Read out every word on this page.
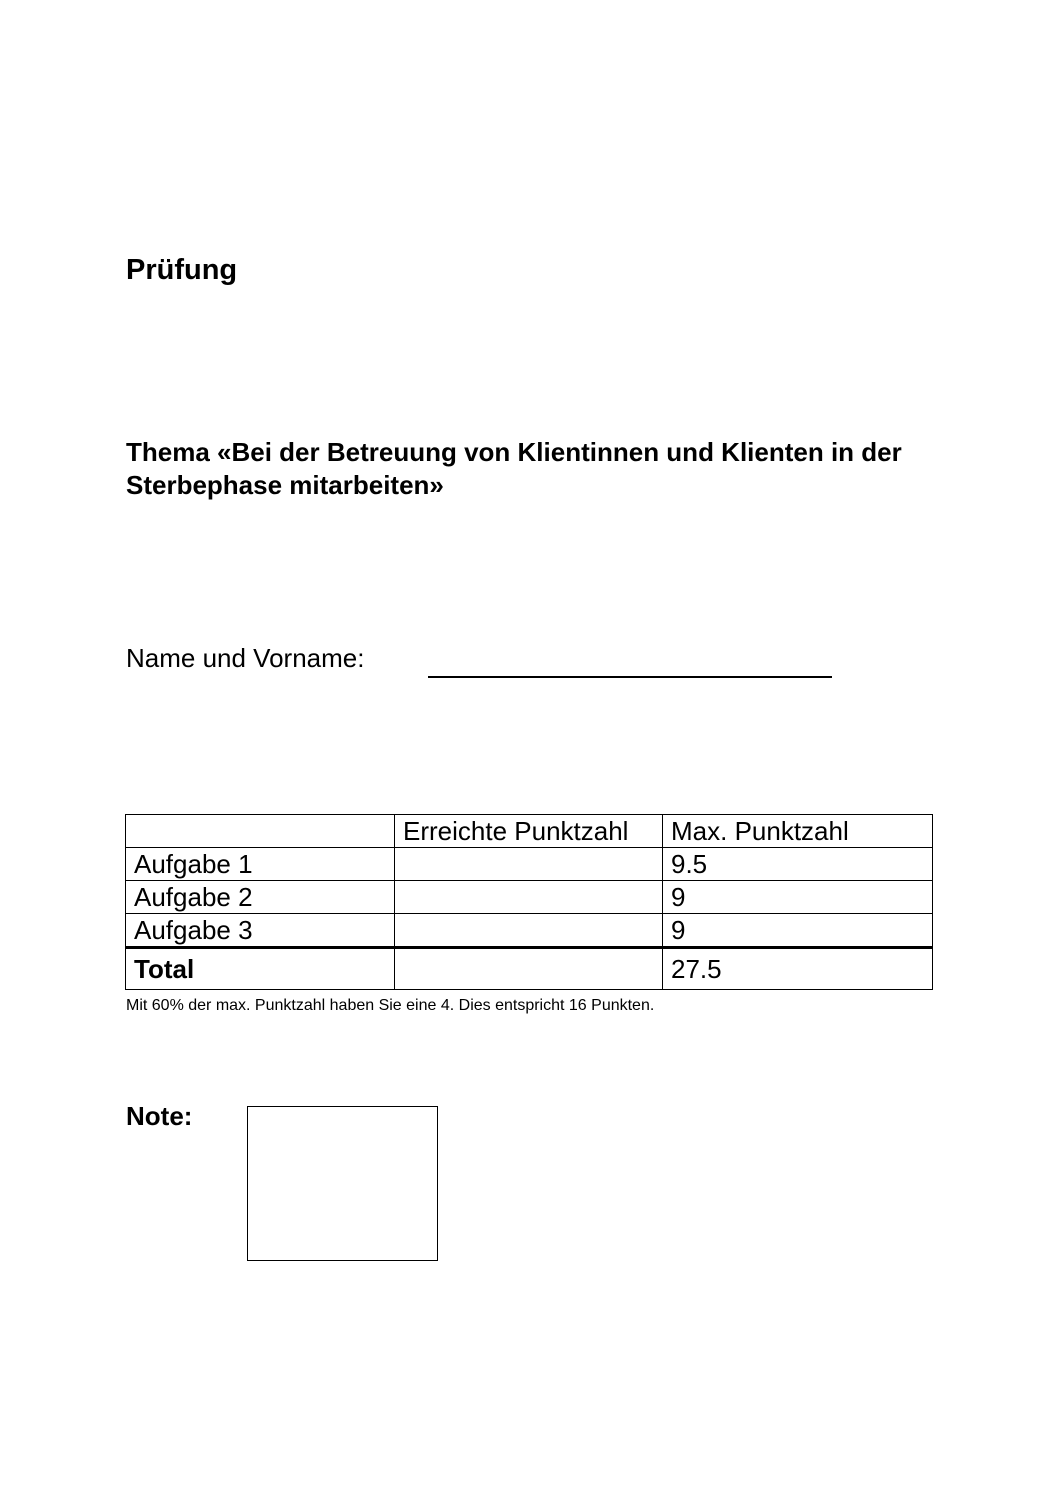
Prüfung
Thema «Bei der Betreuung von Klientinnen und Klienten in der Sterbephase mitarbeiten»
Name und Vorname:
	Erreichte Punktzahl	Max. Punktzahl
Aufgabe 1		9.5
Aufgabe 2		9
Aufgabe 3		9
Total		27.5
Mit 60% der max. Punktzahl haben Sie eine 4. Dies entspricht 16 Punkten.
Note:
